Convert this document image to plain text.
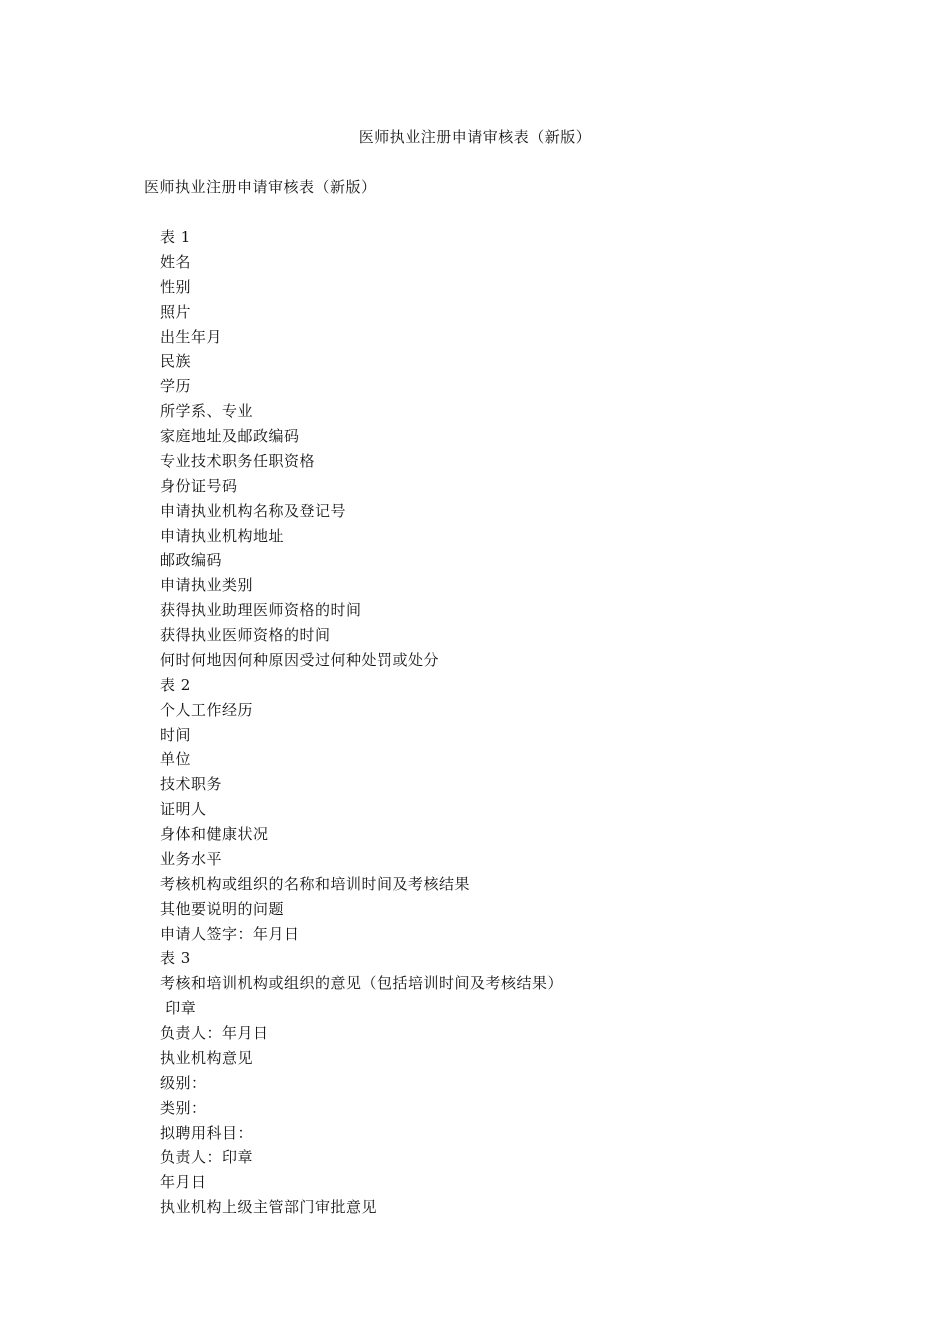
医师执业注册申请审核表（新版）
医师执业注册申请审核表（新版）
表 1
姓名
性别
照片
出生年月
民族
学历
所学系、专业
家庭地址及邮政编码
专业技术职务任职资格
身份证号码
申请执业机构名称及登记号
申请执业机构地址
邮政编码
申请执业类别
获得执业助理医师资格的时间
获得执业医师资格的时间
何时何地因何种原因受过何种处罚或处分
表 2
个人工作经历
时间
单位
技术职务
证明人
身体和健康状况
业务水平
考核机构或组织的名称和培训时间及考核结果
其他要说明的问题
申请人签字：年月日
表 3
考核和培训机构或组织的意见（包括培训时间及考核结果）
印章
负责人：年月日
执业机构意见
级别：
类别：
拟聘用科目：
负责人：印章
年月日
执业机构上级主管部门审批意见
